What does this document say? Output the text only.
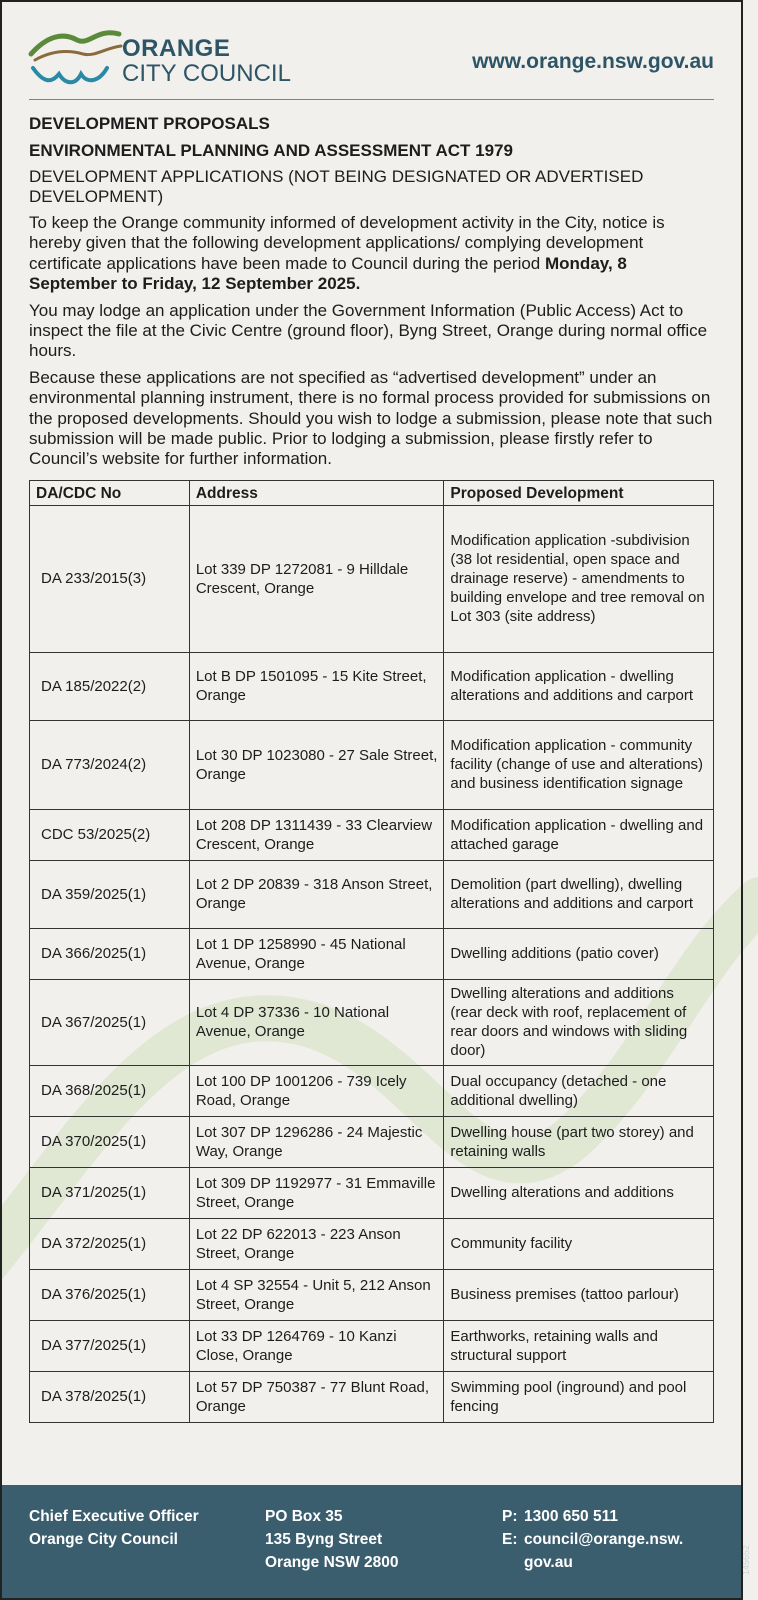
ORANGE
CITY COUNCIL	www.orange.nsw.gov.au
DEVELOPMENT PROPOSALS
ENVIRONMENTAL PLANNING AND ASSESSMENT ACT 1979
DEVELOPMENT APPLICATIONS (NOT BEING DESIGNATED OR ADVERTISED DEVELOPMENT)

To keep the Orange community informed of development activity in the City, notice is hereby given that the following development applications/ complying development certificate applications have been made to Council during the period Monday, 8 September to Friday, 12 September 2025.

You may lodge an application under the Government Information (Public Access) Act to inspect the file at the Civic Centre (ground floor), Byng Street, Orange during normal office hours.

Because these applications are not specified as “advertised development” under an environmental planning instrument, there is no formal process provided for submissions on the proposed developments. Should you wish to lodge a submission, please note that such submission will be made public. Prior to lodging a submission, please firstly refer to Council’s website for further information.

DA/CDC No	Address	Proposed Development
DA 233/2015(3)	Lot 339 DP 1272081 - 9 Hilldale Crescent, Orange	Modification application -subdivision (38 lot residential, open space and drainage reserve) - amendments to building envelope and tree removal on Lot 303 (site address)
DA 185/2022(2)	Lot B DP 1501095 - 15 Kite Street, Orange	Modification application - dwelling alterations and additions and carport
DA 773/2024(2)	Lot 30 DP 1023080 - 27 Sale Street, Orange	Modification application - community facility (change of use and alterations) and business identification signage
CDC 53/2025(2)	Lot 208 DP 1311439 - 33 Clearview Crescent, Orange	Modification application - dwelling and attached garage
DA 359/2025(1)	Lot 2 DP 20839 - 318 Anson Street, Orange	Demolition (part dwelling), dwelling alterations and additions and carport
DA 366/2025(1)	Lot 1 DP 1258990 - 45 National Avenue, Orange	Dwelling additions (patio cover)
DA 367/2025(1)	Lot 4 DP 37336 - 10 National Avenue, Orange	Dwelling alterations and additions (rear deck with roof, replacement of rear doors and windows with sliding door)
DA 368/2025(1)	Lot 100 DP 1001206 - 739 Icely Road, Orange	Dual occupancy (detached - one additional dwelling)
DA 370/2025(1)	Lot 307 DP 1296286 - 24 Majestic Way, Orange	Dwelling house (part two storey) and retaining walls
DA 371/2025(1)	Lot 309 DP 1192977 - 31 Emmaville Street, Orange	Dwelling alterations and additions
DA 372/2025(1)	Lot 22 DP 622013 - 223 Anson Street, Orange	Community facility
DA 376/2025(1)	Lot 4 SP 32554 - Unit 5, 212 Anson Street, Orange	Business premises (tattoo parlour)
DA 377/2025(1)	Lot 33 DP 1264769 - 10 Kanzi Close, Orange	Earthworks, retaining walls and structural support
DA 378/2025(1)	Lot 57 DP 750387 - 77 Blunt Road, Orange	Swimming pool (inground) and pool fencing
Chief Executive Officer
Orange City Council
PO Box 35
135 Byng Street
Orange NSW 2800
P: 1300 650 511
E: council@orange.nsw.
gov.au	145652
